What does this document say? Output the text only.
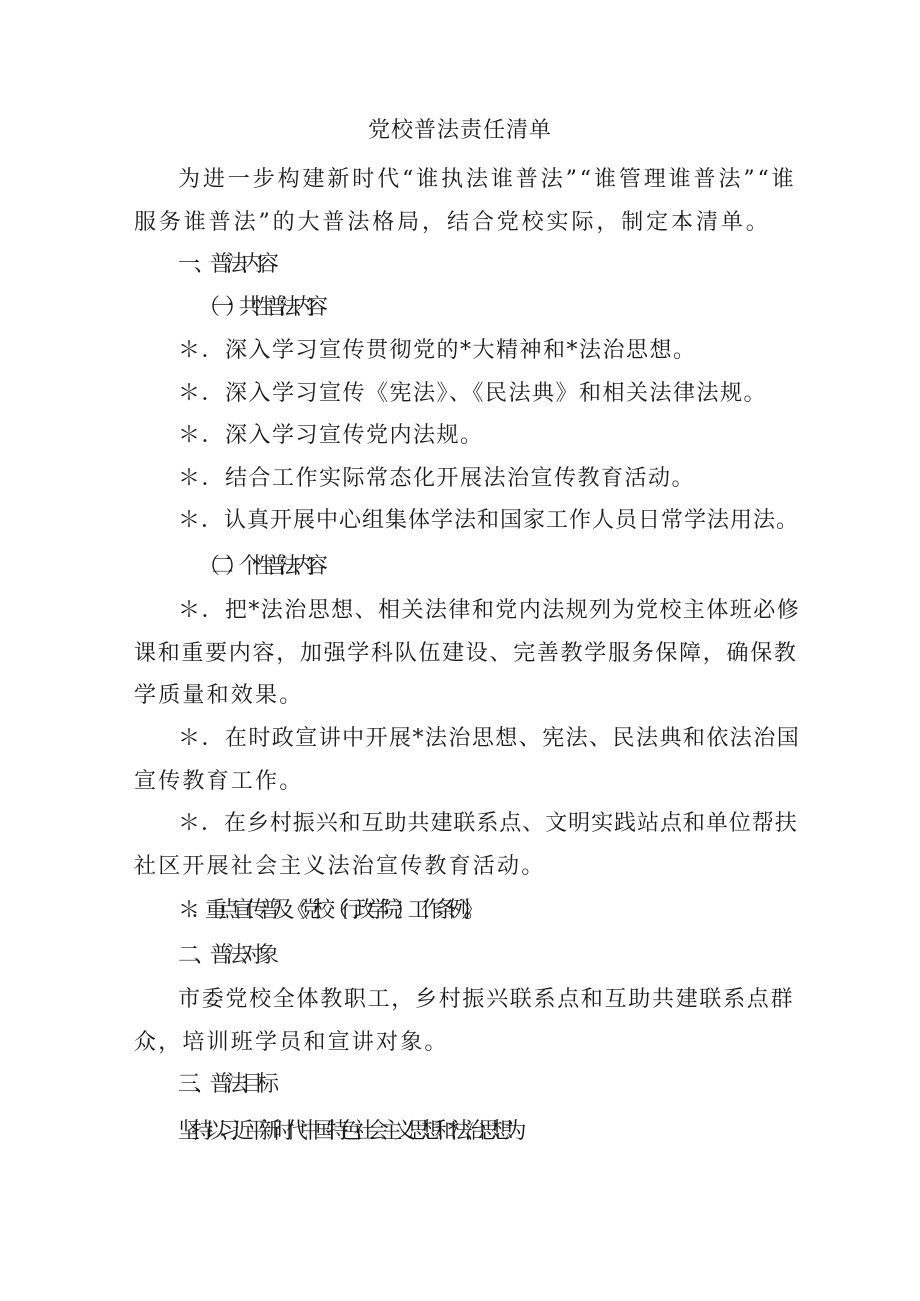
党校普法责任清单
为进一步构建新时代“谁执法谁普法”“谁管理谁普法”“谁
服务谁普法”的大普法格局，结合党校实际，制定本清单。
一、普法内容
（一）共性普法内容
＊．深入学习宣传贯彻党的*大精神和*法治思想。
＊．深入学习宣传《宪法》、《民法典》和相关法律法规。
＊．深入学习宣传党内法规。
＊．结合工作实际常态化开展法治宣传教育活动。
＊．认真开展中心组集体学法和国家工作人员日常学法用法。
（二）个性普法内容
＊．把*法治思想、相关法律和党内法规列为党校主体班必修
课和重要内容，加强学科队伍建设、完善教学服务保障，确保教
学质量和效果。
＊．在时政宣讲中开展*法治思想、宪法、民法典和依法治国
宣传教育工作。
＊．在乡村振兴和互助共建联系点、文明实践站点和单位帮扶
社区开展社会主义法治宣传教育活动。
＊．重点宣传普及《党校（行政学院）工作条例》。
二、普法对象
市委党校全体教职工，乡村振兴联系点和互助共建联系点群
众，培训班学员和宣讲对象。
三、普法目标
坚持以习近平新时代中国特色社会主义思想和*法治思想为
